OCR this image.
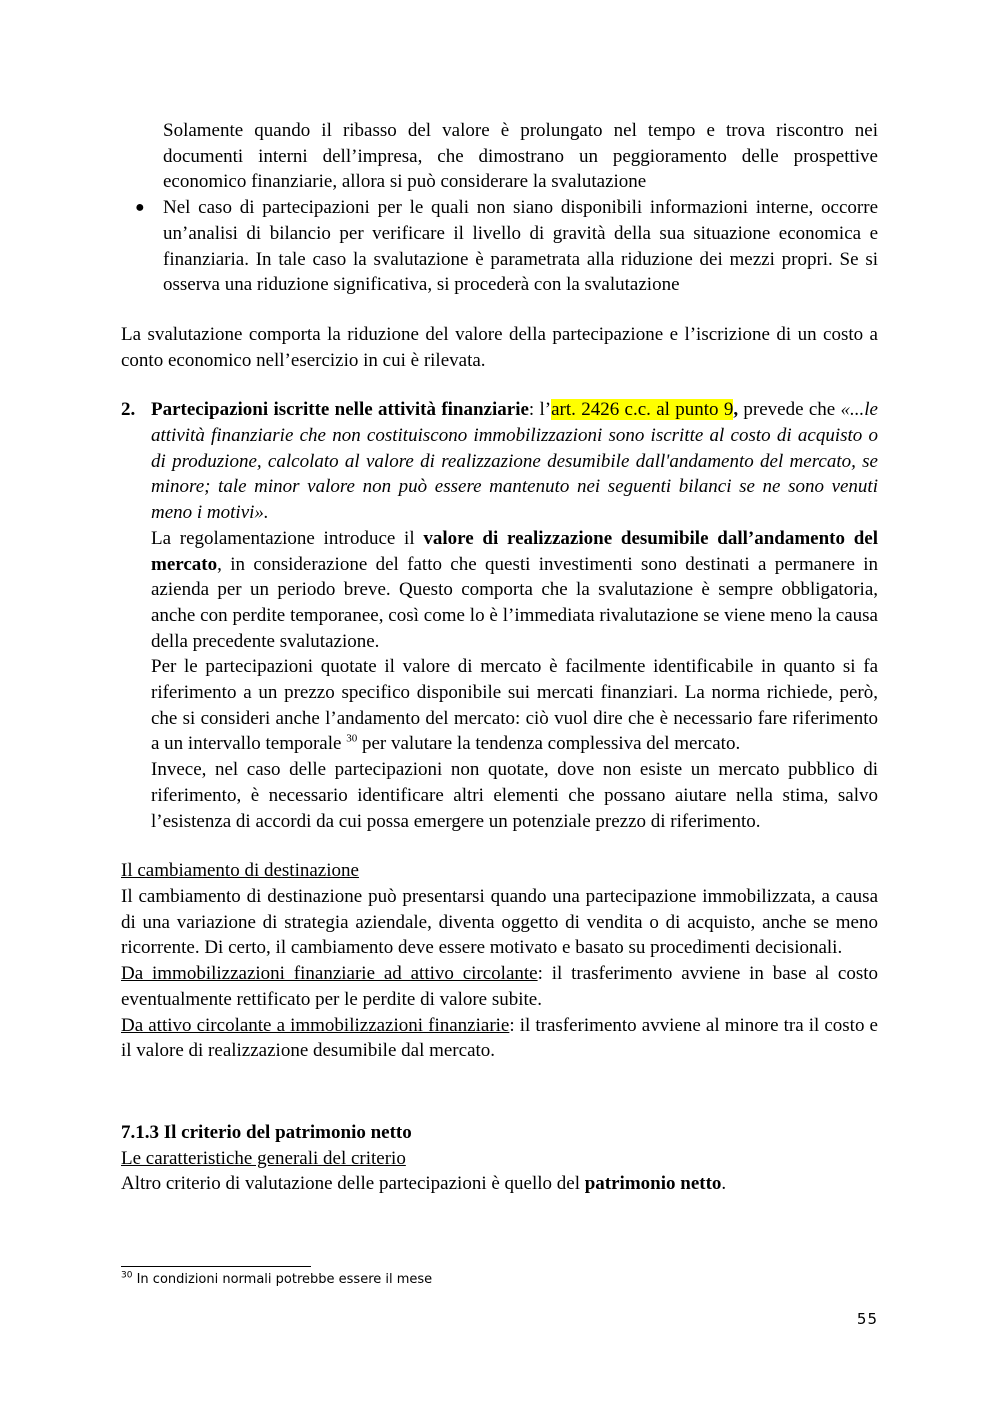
Solamente quando il ribasso del valore è prolungato nel tempo e trova riscontro nei documenti interni dell’impresa, che dimostrano un peggioramento delle prospettive economico finanziarie, allora si può considerare la svalutazione

● Nel caso di partecipazioni per le quali non siano disponibili informazioni interne, occorre un’analisi di bilancio per verificare il livello di gravità della sua situazione economica e finanziaria. In tale caso la svalutazione è parametrata alla riduzione dei mezzi propri. Se si osserva una riduzione significativa, si procederà con la svalutazione

La svalutazione comporta la riduzione del valore della partecipazione e l’iscrizione di un costo a conto economico nell’esercizio in cui è rilevata.

2. Partecipazioni iscritte nelle attività finanziarie: l’art. 2426 c.c. al punto 9, prevede che «...le attività finanziarie che non costituiscono immobilizzazioni sono iscritte al costo di acquisto o di produzione, calcolato al valore di realizzazione desumibile dall'andamento del mercato, se minore; tale minor valore non può essere mantenuto nei seguenti bilanci se ne sono venuti meno i motivi».

La regolamentazione introduce il valore di realizzazione desumibile dall’andamento del mercato, in considerazione del fatto che questi investimenti sono destinati a permanere in azienda per un periodo breve. Questo comporta che la svalutazione è sempre obbligatoria, anche con perdite temporanee, così come lo è l’immediata rivalutazione se viene meno la causa della precedente svalutazione.

Per le partecipazioni quotate il valore di mercato è facilmente identificabile in quanto si fa riferimento a un prezzo specifico disponibile sui mercati finanziari. La norma richiede, però, che si consideri anche l’andamento del mercato: ciò vuol dire che è necessario fare riferimento a un intervallo temporale $^{30}$ per valutare la tendenza complessiva del mercato.

Invece, nel caso delle partecipazioni non quotate, dove non esiste un mercato pubblico di riferimento, è necessario identificare altri elementi che possano aiutare nella stima, salvo l’esistenza di accordi da cui possa emergere un potenziale prezzo di riferimento.

Il cambiamento di destinazione

Il cambiamento di destinazione può presentarsi quando una partecipazione immobilizzata, a causa di una variazione di strategia aziendale, diventa oggetto di vendita o di acquisto, anche se meno ricorrente. Di certo, il cambiamento deve essere motivato e basato su procedimenti decisionali.

Da immobilizzazioni finanziarie ad attivo circolante: il trasferimento avviene in base al costo eventualmente rettificato per le perdite di valore subite.

Da attivo circolante a immobilizzazioni finanziarie: il trasferimento avviene al minore tra il costo e il valore di realizzazione desumibile dal mercato.

7.1.3 Il criterio del patrimonio netto

Le caratteristiche generali del criterio

Altro criterio di valutazione delle partecipazioni è quello del patrimonio netto.

$^{30}$ In condizioni normali potrebbe essere il mese
55
